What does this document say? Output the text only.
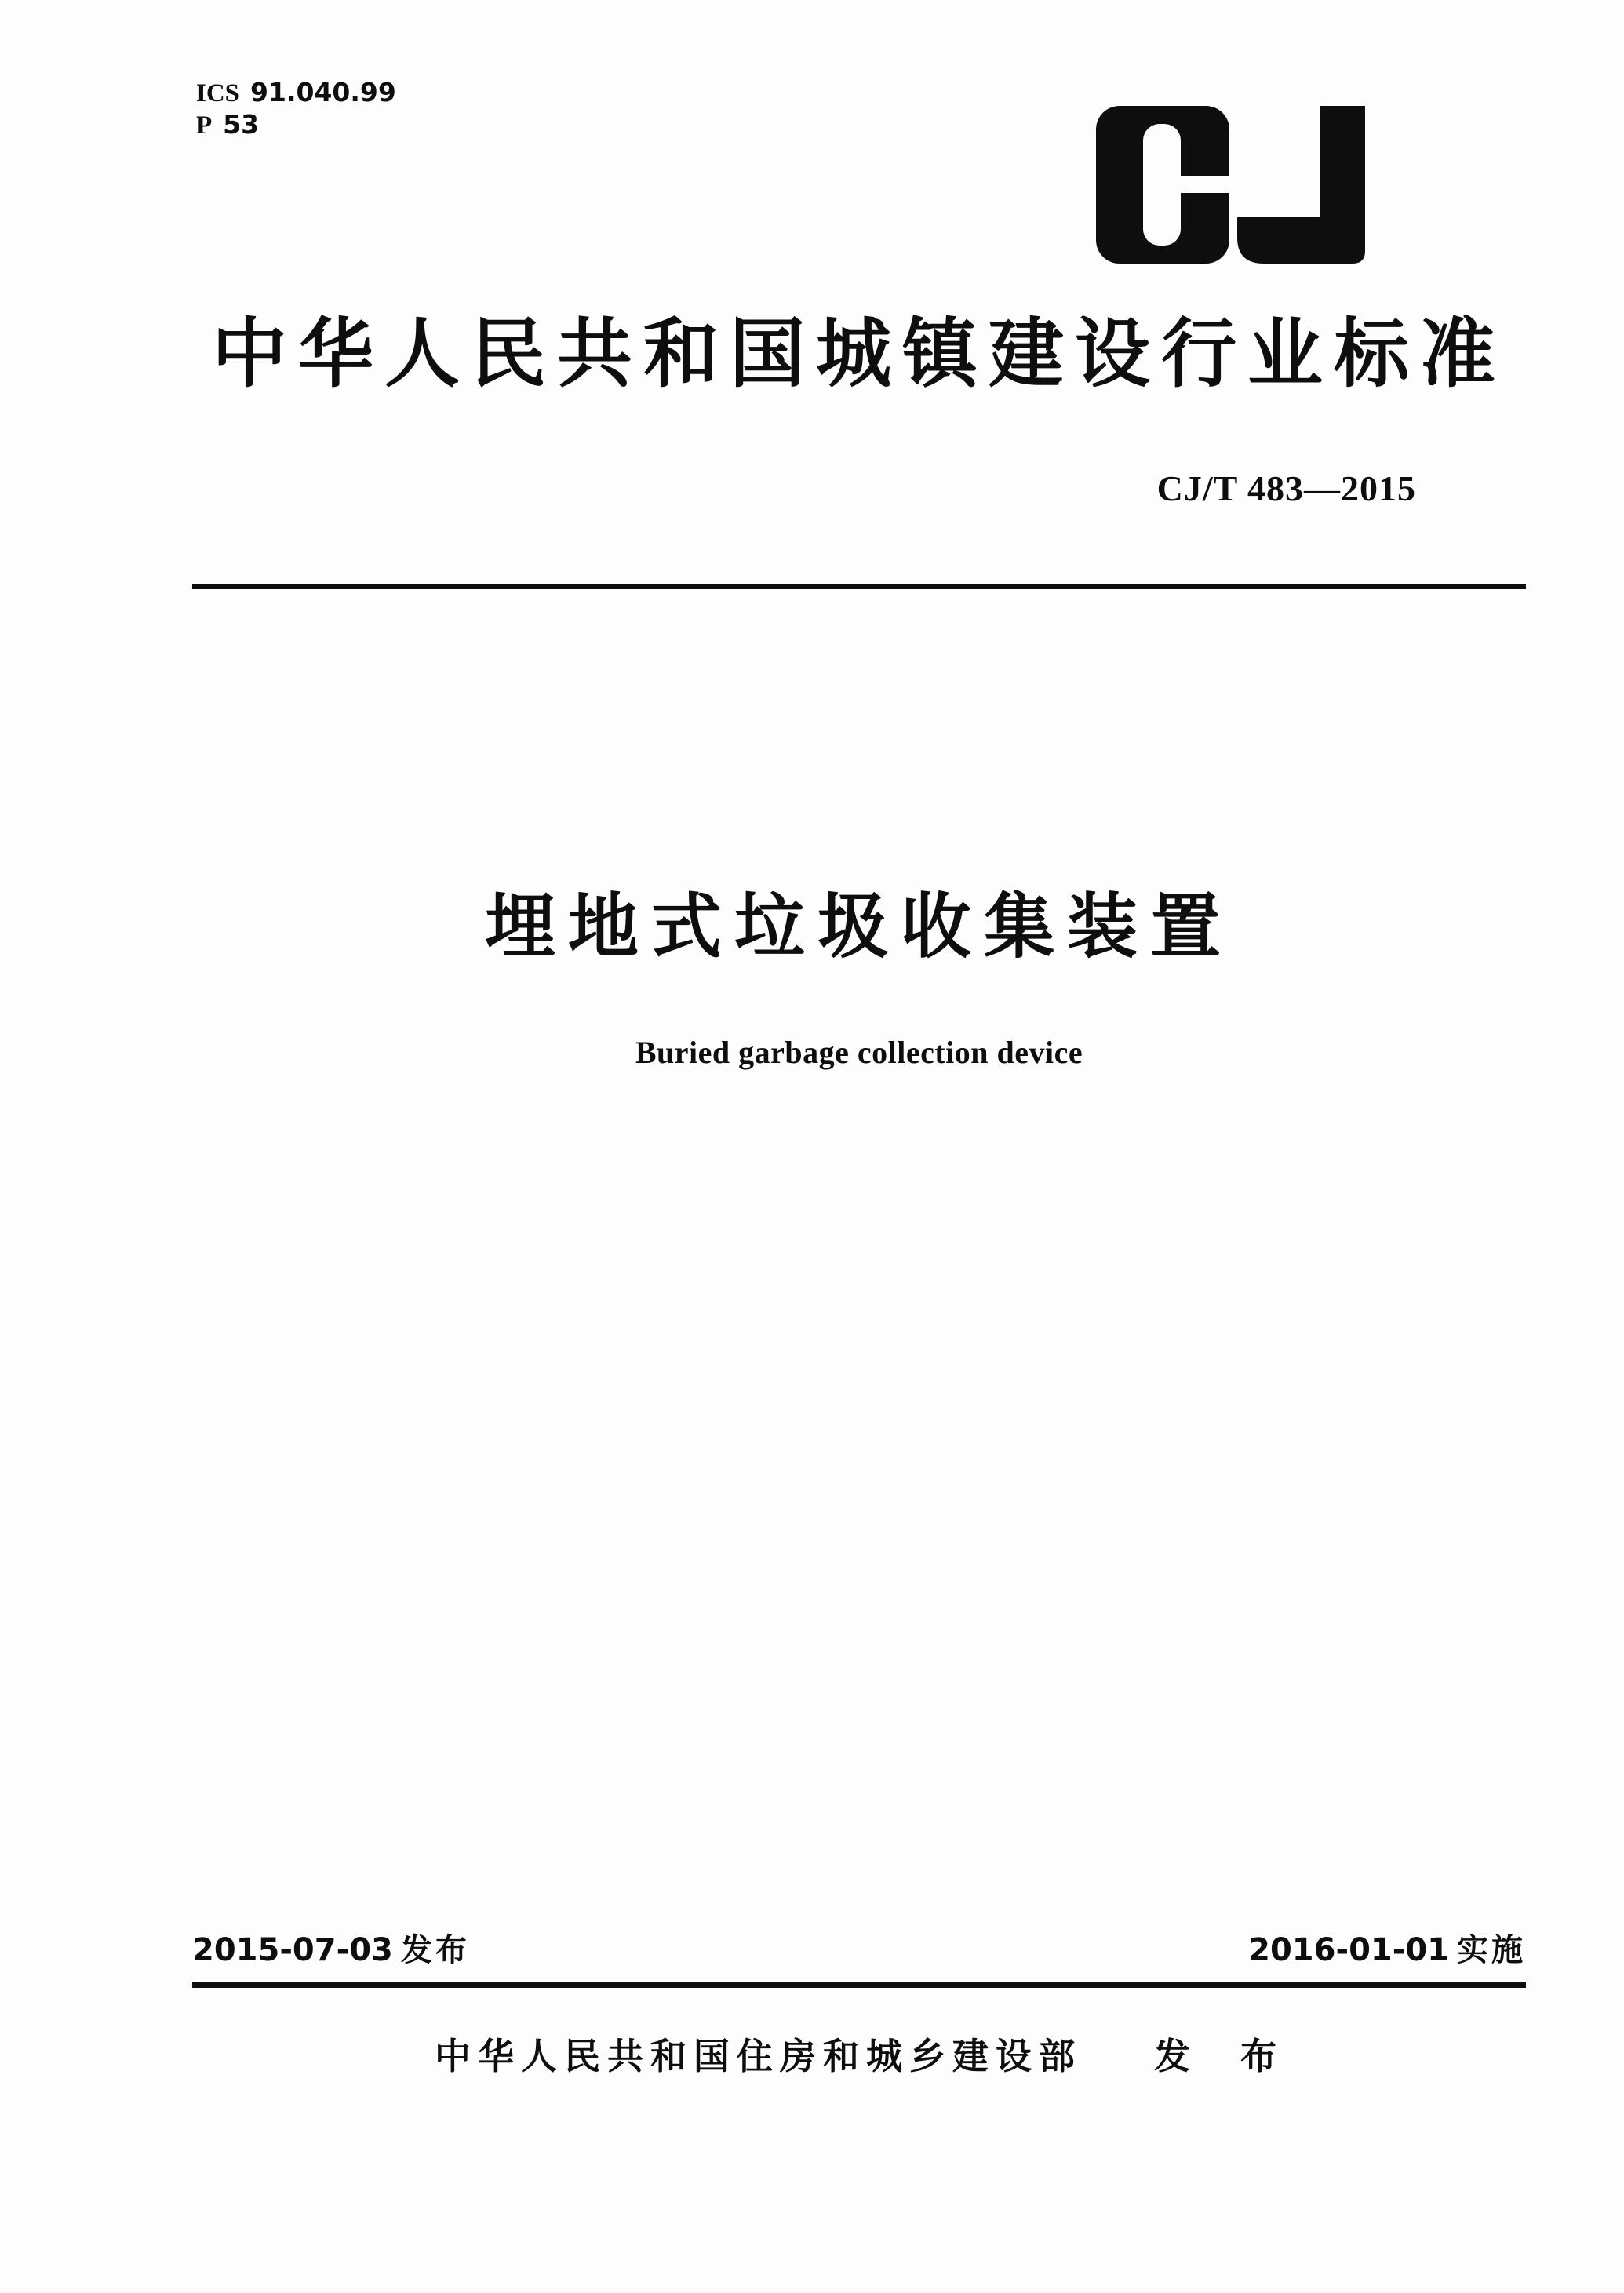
ICS 91.040.99
P 53
中华人民共和国城镇建设行业标准
CJ/T 483—2015
埋地式垃圾收集装置
Buried garbage collection device
2015-07-03 发布	2016-01-01 实施
中华人民共和国住房和城乡建设部 发　布
